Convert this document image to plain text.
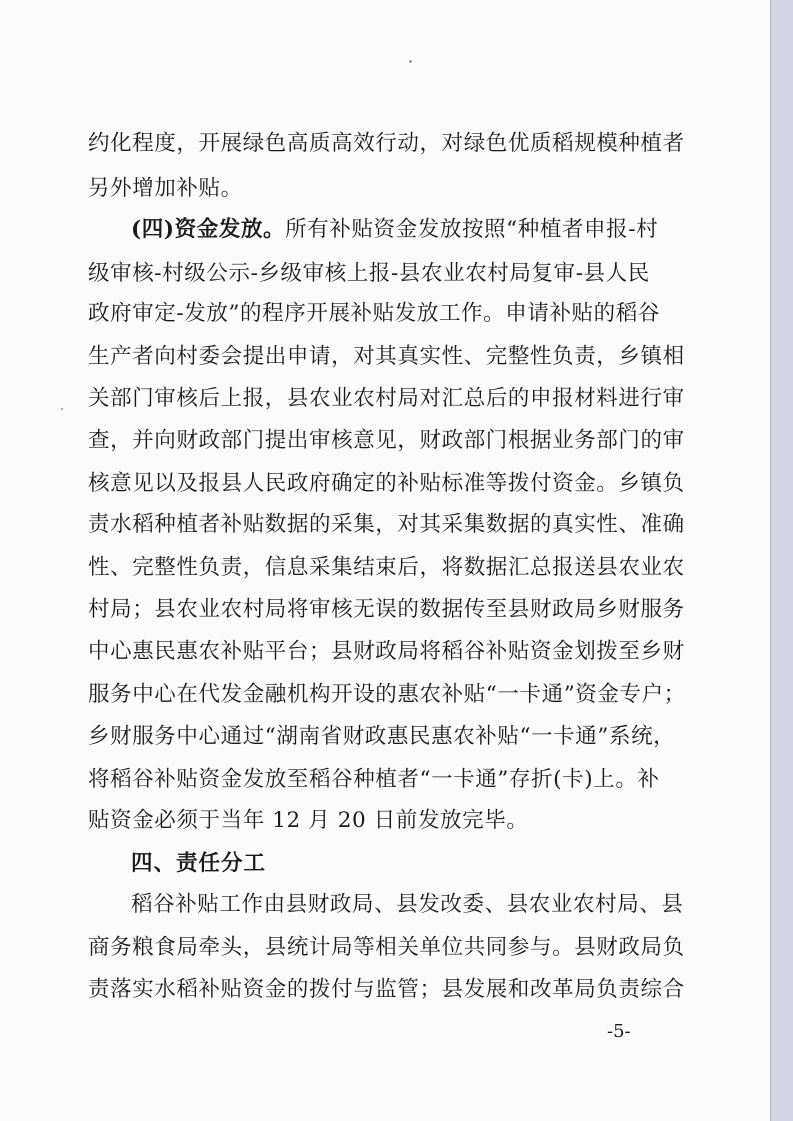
约化程度，开展绿色高质高效行动，对绿色优质稻规模种植者
另外增加补贴。
(四)资金发放。所有补贴资金发放按照“种植者申报-村
级审核-村级公示-乡级审核上报-县农业农村局复审-县人民
政府审定-发放”的程序开展补贴发放工作。申请补贴的稻谷
生产者向村委会提出申请，对其真实性、完整性负责，乡镇相
关部门审核后上报，县农业农村局对汇总后的申报材料进行审
查，并向财政部门提出审核意见，财政部门根据业务部门的审
核意见以及报县人民政府确定的补贴标准等拨付资金。乡镇负
责水稻种植者补贴数据的采集，对其采集数据的真实性、准确
性、完整性负责，信息采集结束后，将数据汇总报送县农业农
村局；县农业农村局将审核无误的数据传至县财政局乡财服务
中心惠民惠农补贴平台；县财政局将稻谷补贴资金划拨至乡财
服务中心在代发金融机构开设的惠农补贴“一卡通”资金专户；
乡财服务中心通过“湖南省财政惠民惠农补贴“一卡通”系统，
将稻谷补贴资金发放至稻谷种植者“一卡通”存折(卡)上。补
贴资金必须于当年 12 月 20 日前发放完毕。
四、责任分工
稻谷补贴工作由县财政局、县发改委、县农业农村局、县
商务粮食局牵头，县统计局等相关单位共同参与。县财政局负
责落实水稻补贴资金的拨付与监管；县发展和改革局负责综合
-5-
